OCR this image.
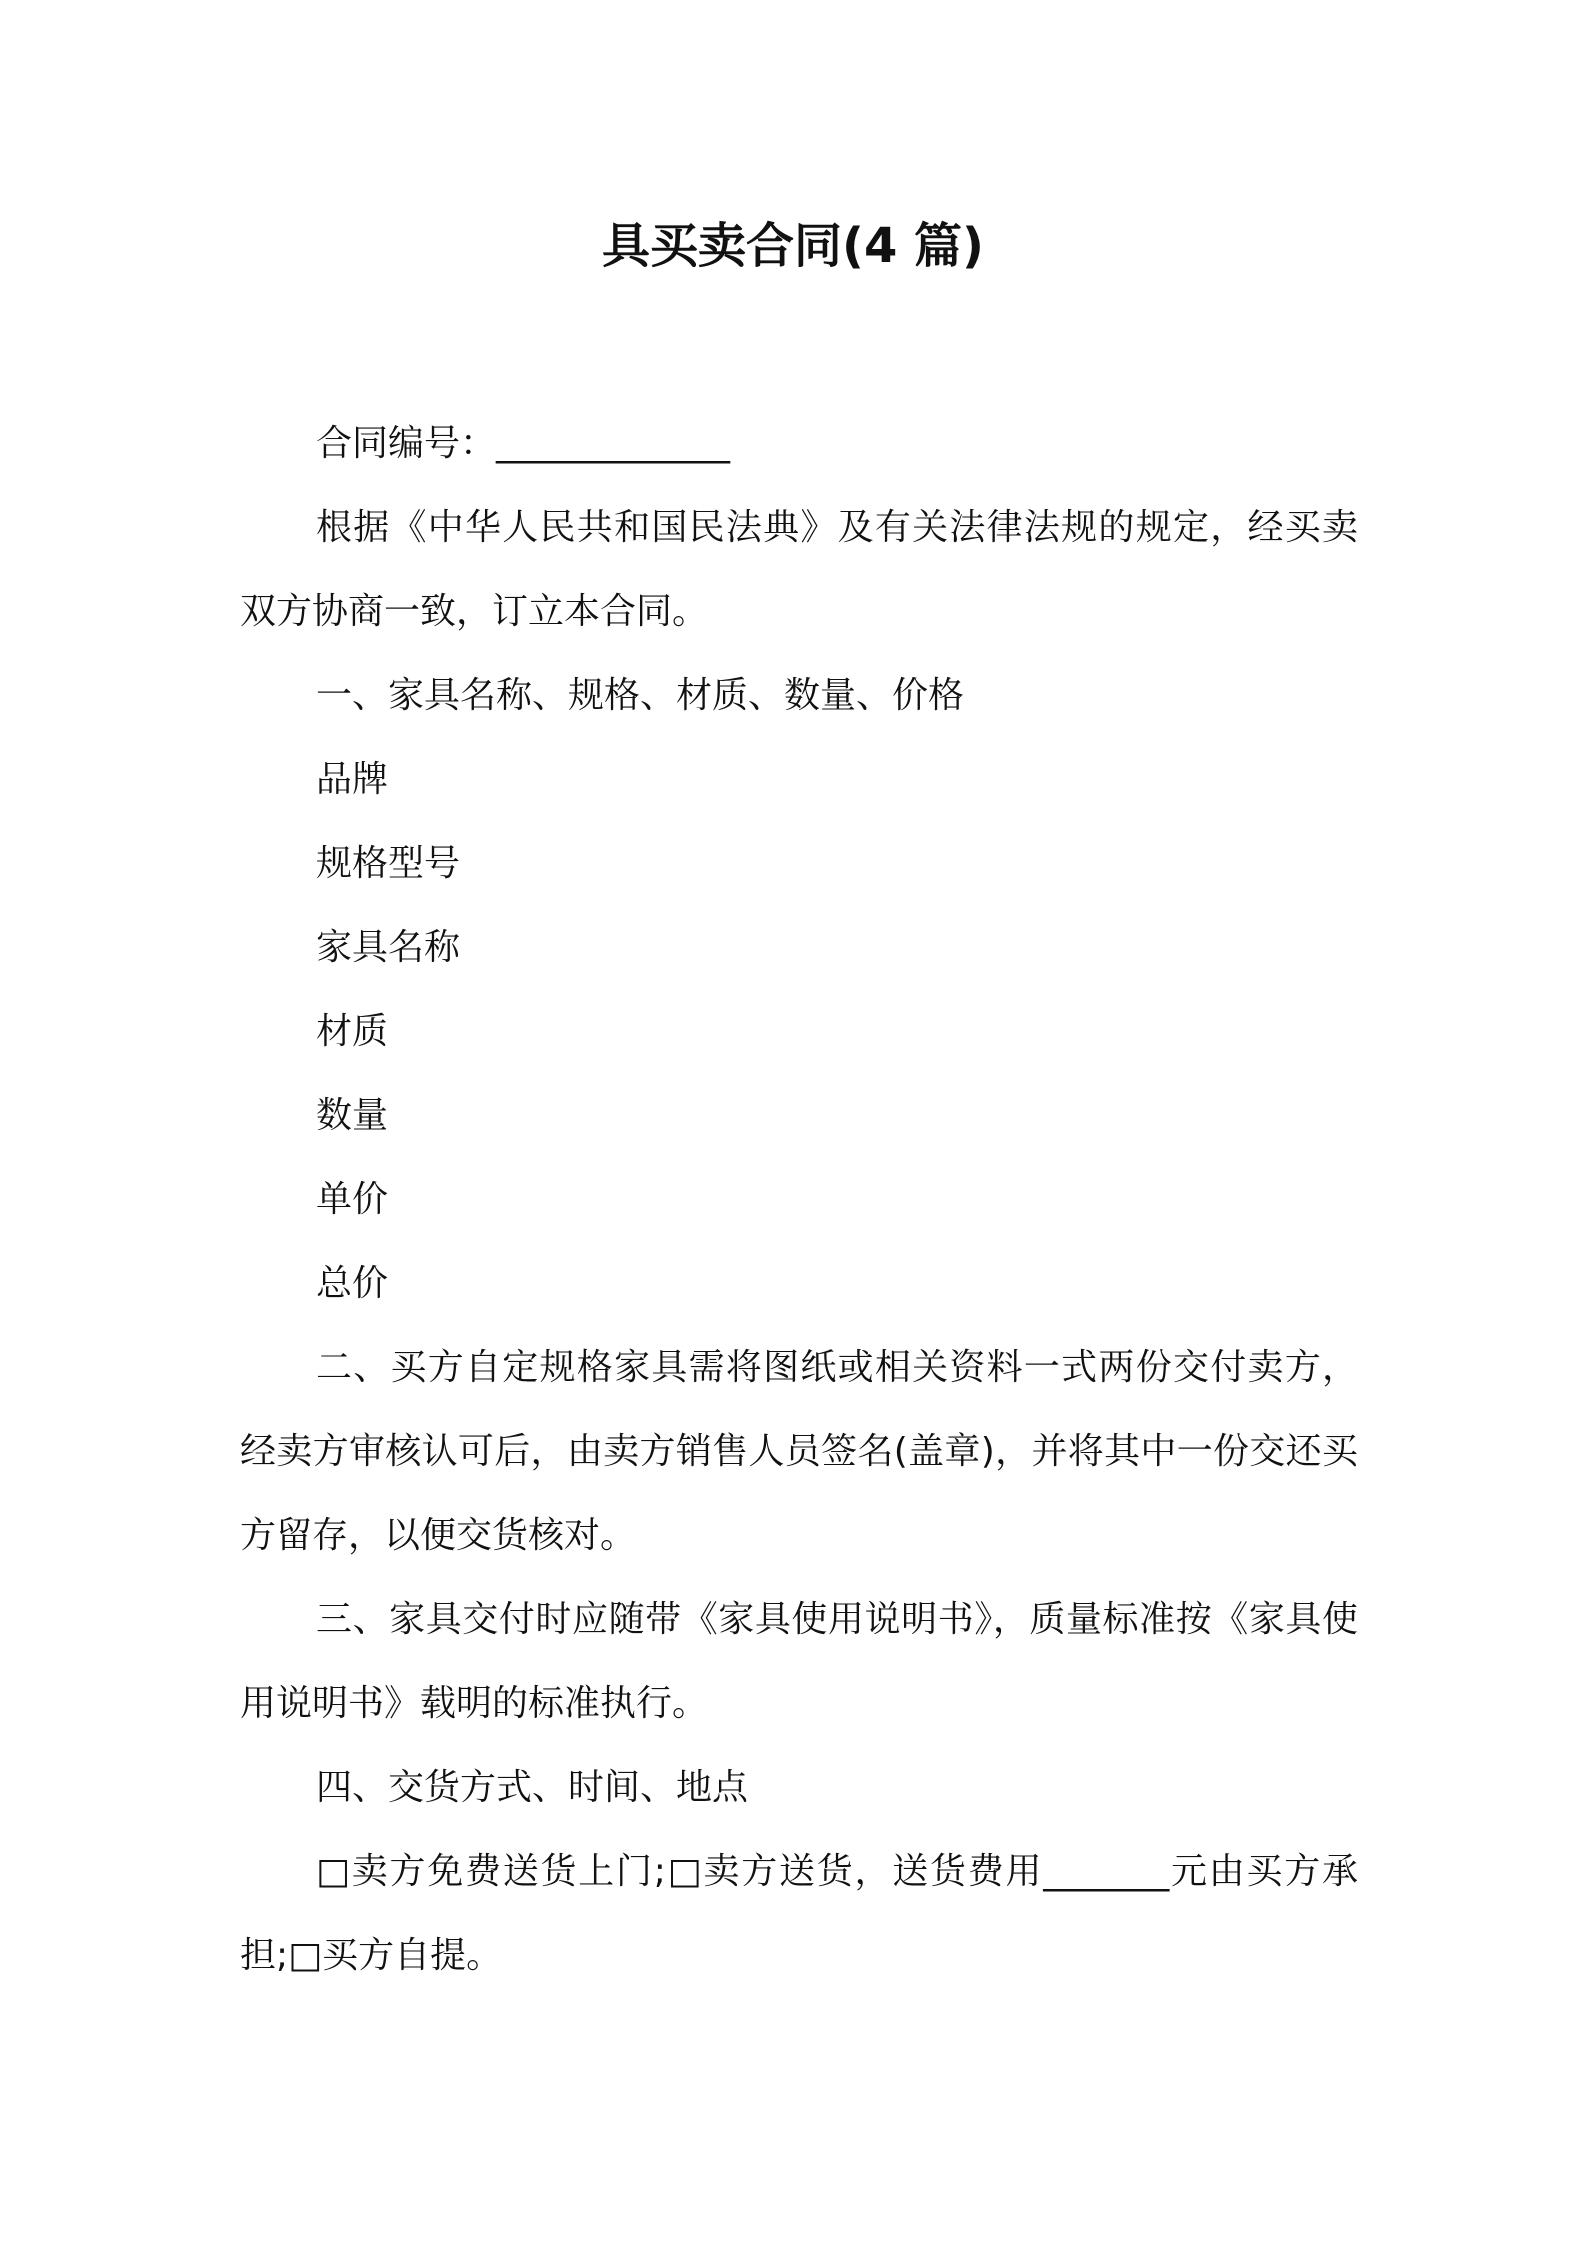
具买卖合同(4 篇)

合同编号：_____________

根据《中华人民共和国民法典》及有关法律法规的规定，经买卖双方协商一致，订立本合同。

一、家具名称、规格、材质、数量、价格

品牌

规格型号

家具名称

材质

数量

单价

总价

二、买方自定规格家具需将图纸或相关资料一式两份交付卖方，经卖方审核认可后，由卖方销售人员签名(盖章)，并将其中一份交还买方留存，以便交货核对。

三、家具交付时应随带《家具使用说明书》，质量标准按《家具使用说明书》载明的标准执行。

四、交货方式、时间、地点

□卖方免费送货上门;□卖方送货，送货费用_______元由买方承担;□买方自提。
